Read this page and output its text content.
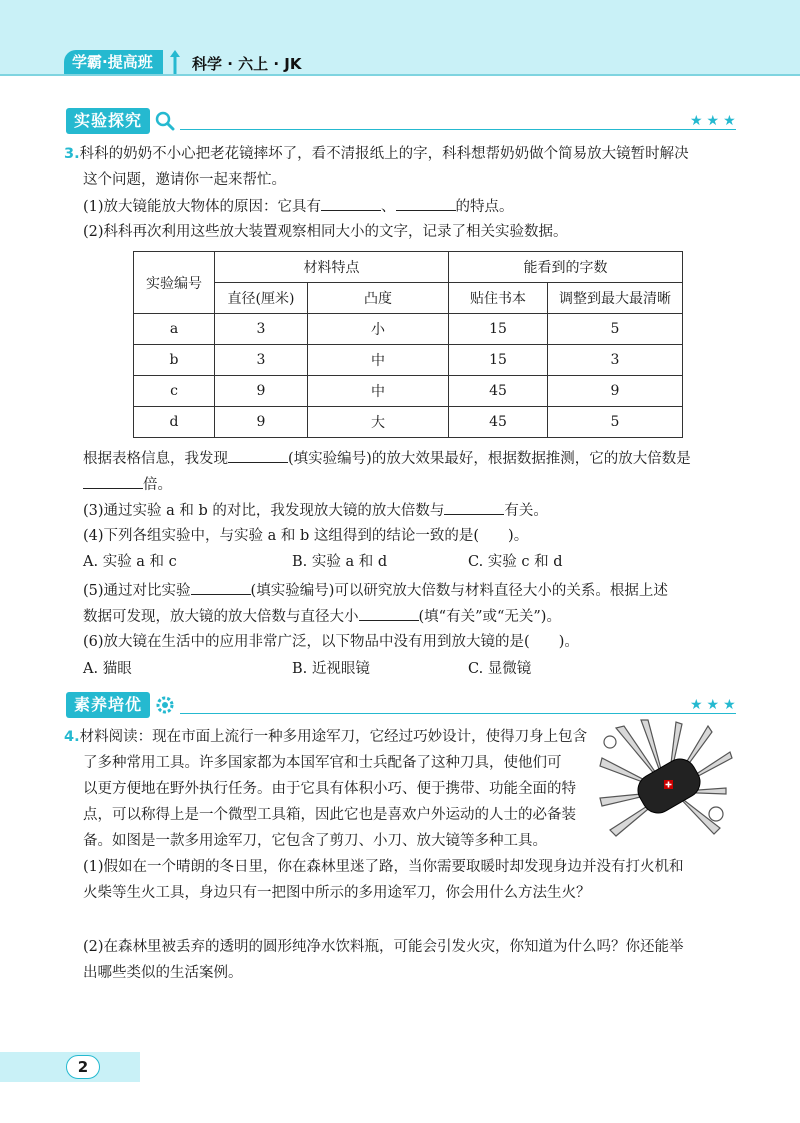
学霸·提高班	科学 · 六上 · JK
实验探究	★★★
3.科科的奶奶不小心把老花镜摔坏了，看不清报纸上的字，科科想帮奶奶做个简易放大镜暂时解决
这个问题，邀请你一起来帮忙。
(1)放大镜能放大物体的原因：它具有	、	的特点。
(2)科科再次利用这些放大装置观察相同大小的文字，记录了相关实验数据。
实验编号	材料特点		能看到的字数	
	直径(厘米)	凸度	贴住书本	调整到最大最清晰
a	3	小	15	5
b	3	中	15	3
c	9	中	45	9
d	9	大	45	5
根据表格信息，我发现	(填实验编号)的放大效果最好，根据数据推测，它的放大倍数是
倍。
(3)通过实验 a 和 b 的对比，我发现放大镜的放大倍数与	有关。
(4)下列各组实验中，与实验 a 和 b 这组得到的结论一致的是(　　)。
A. 实验 a 和 c	B. 实验 a 和 d	C. 实验 c 和 d
(5)通过对比实验	(填实验编号)可以研究放大倍数与材料直径大小的关系。根据上述
数据可发现，放大镜的放大倍数与直径大小	(填“有关”或“无关”)。
(6)放大镜在生活中的应用非常广泛，以下物品中没有用到放大镜的是(　　)。
A. 猫眼	B. 近视眼镜	C. 显微镜
素养培优	★★★
4.材料阅读：现在市面上流行一种多用途军刀，它经过巧妙设计，使得刀身上包含
了多种常用工具。许多国家都为本国军官和士兵配备了这种刀具，使他们可
以更方便地在野外执行任务。由于它具有体积小巧、便于携带、功能全面的特
点，可以称得上是一个微型工具箱，因此它也是喜欢户外运动的人士的必备装
备。如图是一款多用途军刀，它包含了剪刀、小刀、放大镜等多种工具。
(1)假如在一个晴朗的冬日里，你在森林里迷了路，当你需要取暖时却发现身边并没有打火机和
火柴等生火工具，身边只有一把图中所示的多用途军刀，你会用什么方法生火？
(2)在森林里被丢弃的透明的圆形纯净水饮料瓶，可能会引发火灾，你知道为什么吗？你还能举
出哪些类似的生活案例。
2
